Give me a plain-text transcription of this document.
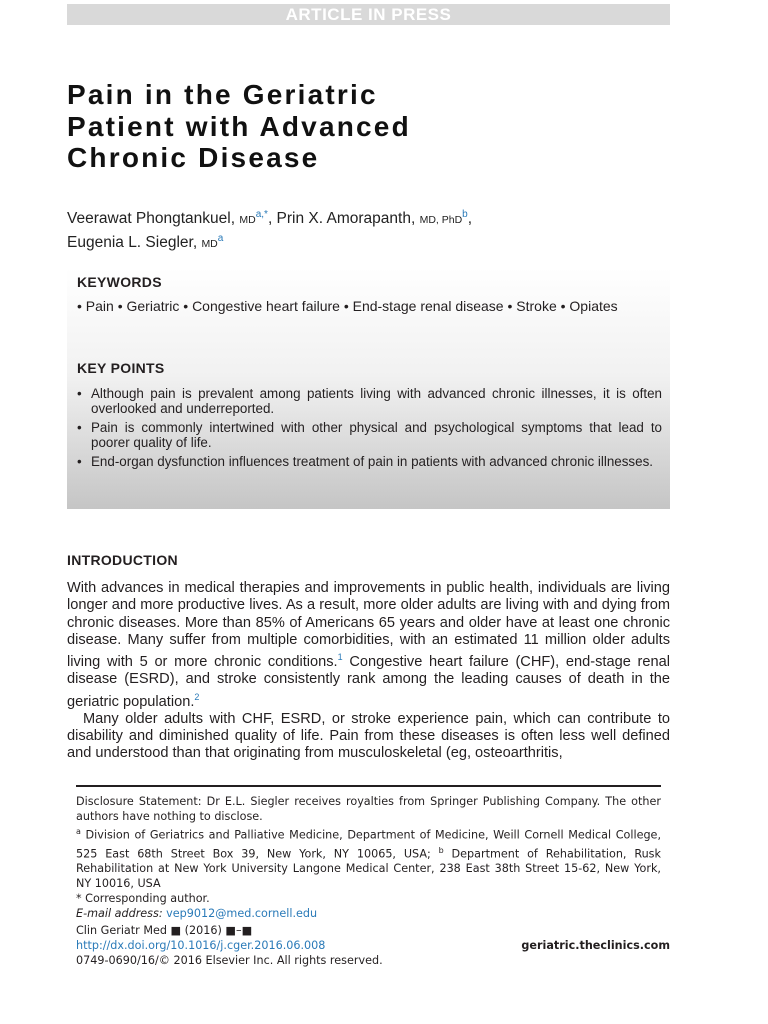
ARTICLE IN PRESS
Pain in the Geriatric
Patient with Advanced
Chronic Disease
Veerawat Phongtankuel, $MD^{a,*}$, Prin X. Amorapanth, MD, PhD$^b$,
Eugenia L. Siegler, $MD^a$
KEYWORDS
• Pain • Geriatric • Congestive heart failure • End-stage renal disease • Stroke • Opiates
KEY POINTS
• Although pain is prevalent among patients living with advanced chronic illnesses, it is often overlooked and underreported.
• Pain is commonly intertwined with other physical and psychological symptoms that lead to poorer quality of life.
• End-organ dysfunction influences treatment of pain in patients with advanced chronic illnesses.
INTRODUCTION

With advances in medical therapies and improvements in public health, individuals are living longer and more productive lives. As a result, more older adults are living with and dying from chronic diseases. More than 85% of Americans 65 years and older have at least one chronic disease. Many suffer from multiple comorbidities, with an estimated 11 million older adults living with 5 or more chronic conditions.$^1$ Congestive heart failure (CHF), end-stage renal disease (ESRD), and stroke consistently rank among the leading causes of death in the geriatric population.$^2$

Many older adults with CHF, ESRD, or stroke experience pain, which can contribute to disability and diminished quality of life. Pain from these diseases is often less well defined and understood than that originating from musculoskeletal (eg, osteoarthritis,

Disclosure Statement: Dr E.L. Siegler receives royalties from Springer Publishing Company. The other authors have nothing to disclose.

$^a$ Division of Geriatrics and Palliative Medicine, Department of Medicine, Weill Cornell Medical College, 525 East 68th Street Box 39, New York, NY 10065, USA; $^b$ Department of Rehabilitation, Rusk Rehabilitation at New York University Langone Medical Center, 238 East 38th Street 15-62, New York, NY 10016, USA

* Corresponding author.

E-mail address: vep9012@med.cornell.edu

Clin Geriatr Med ■ (2016) ■–■
http://dx.doi.org/10.1016/j.cger.2016.06.008
0749-0690/16/© 2016 Elsevier Inc. All rights reserved.
geriatric.theclinics.com
